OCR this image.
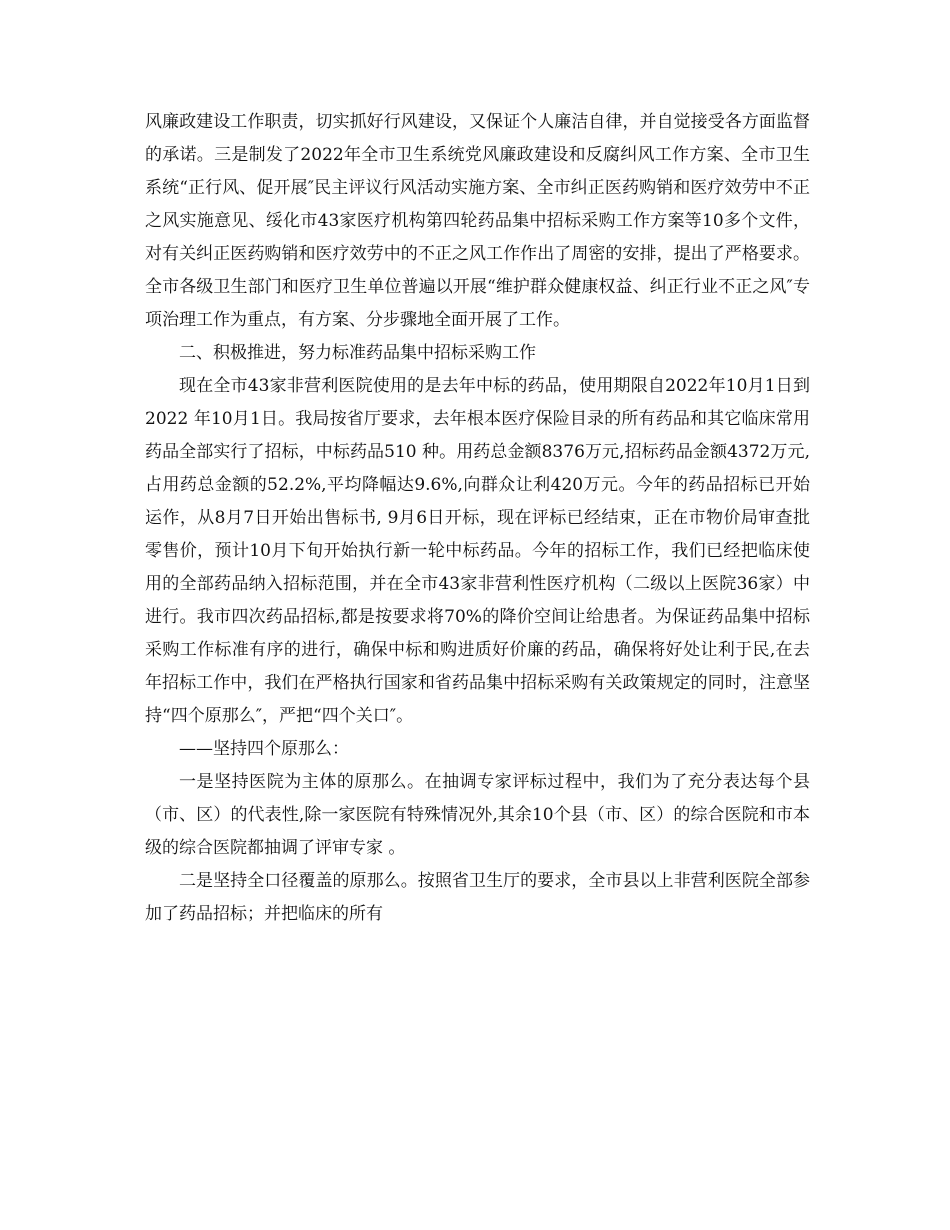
风廉政建设工作职责，切实抓好行风建设，又保证个人廉洁自律，并自觉接受各方面监督的承诺。三是制发了2022年全市卫生系统党风廉政建设和反腐纠风工作方案、全市卫生系统“正行风、促开展″民主评议行风活动实施方案、全市纠正医药购销和医疗效劳中不正之风实施意见、绥化市43家医疗机构第四轮药品集中招标采购工作方案等10多个文件，对有关纠正医药购销和医疗效劳中的不正之风工作作出了周密的安排，提出了严格要求。全市各级卫生部门和医疗卫生单位普遍以开展“维护群众健康权益、纠正行业不正之风″专项治理工作为重点，有方案、分步骤地全面开展了工作。

二、积极推进，努力标准药品集中招标采购工作

现在全市43家非营利医院使用的是去年中标的药品，使用期限自2022年10月1日到2022 年10月1日。我局按省厅要求，去年根本医疗保险目录的所有药品和其它临床常用药品全部实行了招标，中标药品510 种。用药总金额8376万元,招标药品金额4372万元,占用药总金额的52.2%,平均降幅达9.6%,向群众让利420万元。今年的药品招标已开始运作，从8月7日开始出售标书, 9月6日开标，现在评标已经结束，正在市物价局审查批零售价，预计10月下旬开始执行新一轮中标药品。今年的招标工作，我们已经把临床使用的全部药品纳入招标范围，并在全市43家非营利性医疗机构（二级以上医院36家）中进行。我市四次药品招标,都是按要求将70%的降价空间让给患者。为保证药品集中招标采购工作标准有序的进行，确保中标和购进质好价廉的药品，确保将好处让利于民,在去年招标工作中，我们在严格执行国家和省药品集中招标采购有关政策规定的同时，注意坚持“四个原那么″，严把“四个关口″。

——坚持四个原那么：

一是坚持医院为主体的原那么。在抽调专家评标过程中，我们为了充分表达每个县（市、区）的代表性,除一家医院有特殊情况外,其余10个县（市、区）的综合医院和市本级的综合医院都抽调了评审专家 。

二是坚持全口径覆盖的原那么。按照省卫生厅的要求，全市县以上非营利医院全部参加了药品招标；并把临床的所有
